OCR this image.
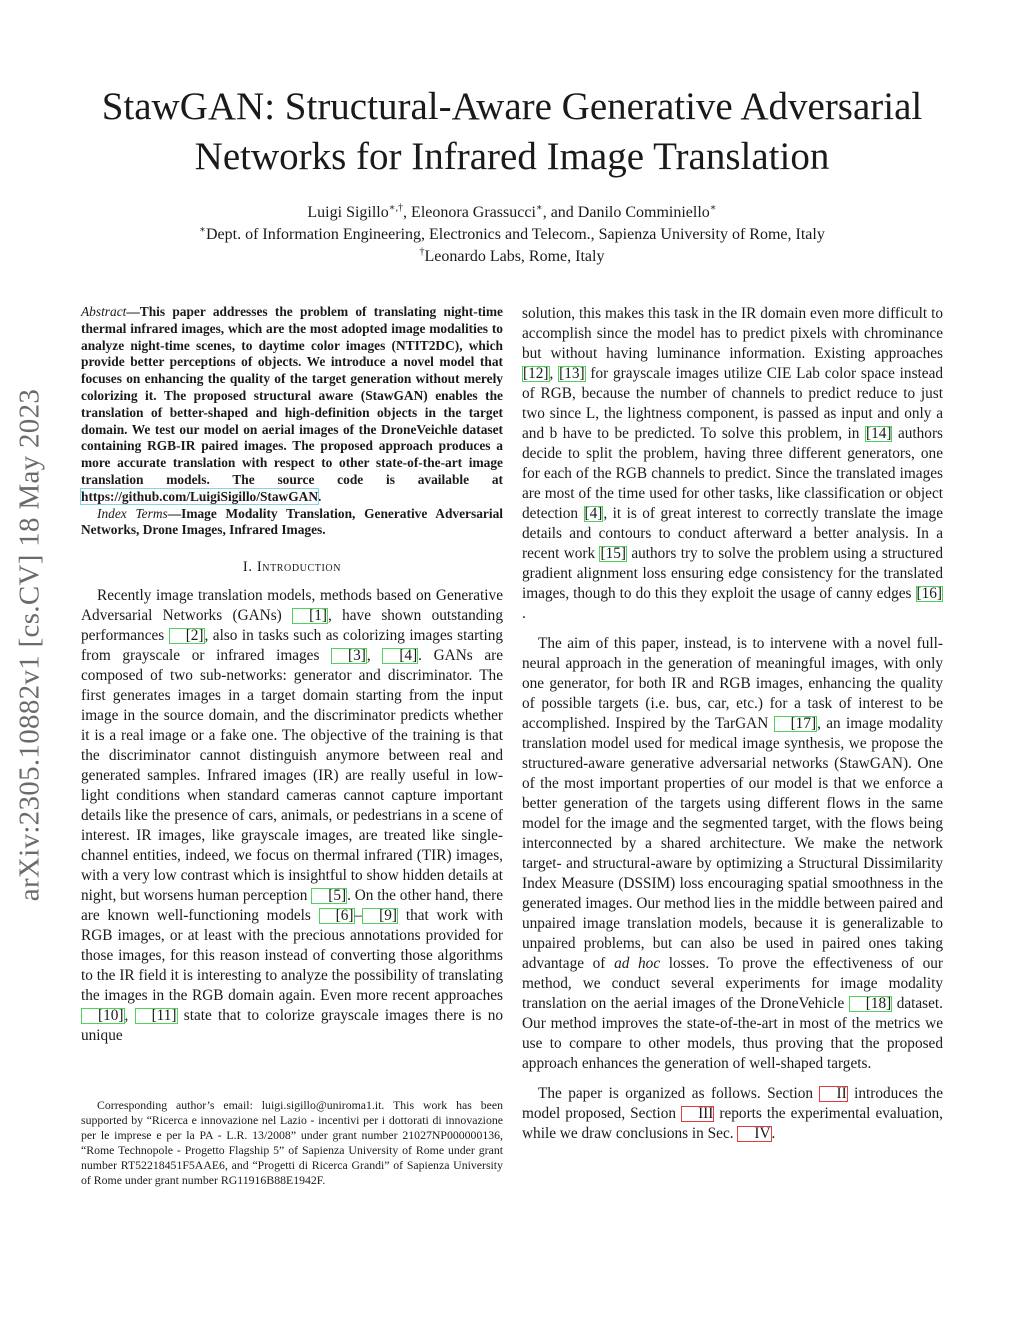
arXiv:2305.10882v1 [cs.CV] 18 May 2023
StawGAN: Structural-Aware Generative Adversarial Networks for Infrared Image Translation
Luigi Sigillo∗,†, Eleonora Grassucci∗, and Danilo Comminiello∗
∗Dept. of Information Engineering, Electronics and Telecom., Sapienza University of Rome, Italy
†Leonardo Labs, Rome, Italy

Abstract—This paper addresses the problem of translating night-time thermal infrared images, which are the most adopted image modalities to analyze night-time scenes, to daytime color images (NTIT2DC), which provide better perceptions of objects. We introduce a novel model that focuses on enhancing the quality of the target generation without merely colorizing it. The proposed structural aware (StawGAN) enables the translation of better-shaped and high-definition objects in the target domain. We test our model on aerial images of the DroneVeichle dataset containing RGB-IR paired images. The proposed approach produces a more accurate translation with respect to other state-of-the-art image translation models. The source code is available at https://github.com/LuigiSigillo/StawGAN.

Index Terms—Image Modality Translation, Generative Adversarial Networks, Drone Images, Infrared Images.

I. Introduction

Recently image translation models, methods based on Generative Adversarial Networks (GANs) [1], have shown outstanding performances [2], also in tasks such as colorizing images starting from grayscale or infrared images [3], [4]. GANs are composed of two sub-networks: generator and discriminator. The first generates images in a target domain starting from the input image in the source domain, and the discriminator predicts whether it is a real image or a fake one. The objective of the training is that the discriminator cannot distinguish anymore between real and generated samples. Infrared images (IR) are really useful in low-light conditions when standard cameras cannot capture important details like the presence of cars, animals, or pedestrians in a scene of interest. IR images, like grayscale images, are treated like single-channel entities, indeed, we focus on thermal infrared (TIR) images, with a very low contrast which is insightful to show hidden details at night, but worsens human perception [5]. On the other hand, there are known well-functioning models [6]– [9] that work with RGB images, or at least with the precious annotations provided for those images, for this reason instead of converting those algorithms to the IR field it is interesting to analyze the possibility of translating the images in the RGB domain again. Even more recent approaches [10], [11] state that to colorize grayscale images there is no unique

Corresponding author’s email: luigi.sigillo@uniroma1.it. This work has been supported by “Ricerca e innovazione nel Lazio - incentivi per i dottorati di innovazione per le imprese e per la PA - L.R. 13/2008” under grant number 21027NP000000136, “Rome Technopole - Progetto Flagship 5” of Sapienza University of Rome under grant number RT52218451F5AAE6, and “Progetti di Ricerca Grandi” of Sapienza University of Rome under grant number RG11916B88E1942F.

solution, this makes this task in the IR domain even more difficult to accomplish since the model has to predict pixels with chrominance but without having luminance information. Existing approaches [12], [13] for grayscale images utilize CIE Lab color space instead of RGB, because the number of channels to predict reduce to just two since L, the lightness component, is passed as input and only a and b have to be predicted. To solve this problem, in [14] authors decide to split the problem, having three different generators, one for each of the RGB channels to predict. Since the translated images are most of the time used for other tasks, like classification or object detection [4], it is of great interest to correctly translate the image details and contours to conduct afterward a better analysis. In a recent work [15] authors try to solve the problem using a structured gradient alignment loss ensuring edge consistency for the translated images, though to do this they exploit the usage of canny edges [16].

The aim of this paper, instead, is to intervene with a novel full-neural approach in the generation of meaningful images, with only one generator, for both IR and RGB images, enhancing the quality of possible targets (i.e. bus, car, etc.) for a task of interest to be accomplished. Inspired by the TarGAN [17], an image modality translation model used for medical image synthesis, we propose the structured-aware generative adversarial networks (StawGAN). One of the most important properties of our model is that we enforce a better generation of the targets using different flows in the same model for the image and the segmented target, with the flows being interconnected by a shared architecture. We make the network target- and structural-aware by optimizing a Structural Dissimilarity Index Measure (DSSIM) loss encouraging spatial smoothness in the generated images. Our method lies in the middle between paired and unpaired image translation models, because it is generalizable to unpaired problems, but can also be used in paired ones taking advantage of ad hoc losses. To prove the effectiveness of our method, we conduct several experiments for image modality translation on the aerial images of the DroneVehicle [18] dataset. Our method improves the state-of-the-art in most of the metrics we use to compare to other models, thus proving that the proposed approach enhances the generation of well-shaped targets.

The paper is organized as follows. Section II introduces the model proposed, Section III reports the experimental evaluation, while we draw conclusions in Sec. IV.
